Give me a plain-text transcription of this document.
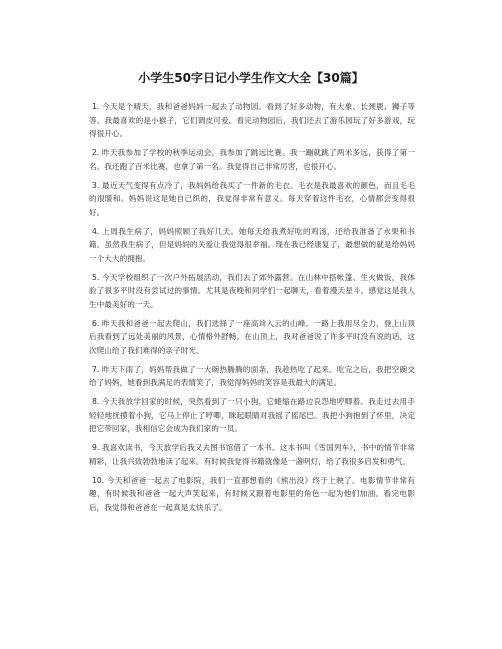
小学生50字日记小学生作文大全【30篇】

1. 今天是个晴天，我和爸爸妈妈一起去了动物园。看到了好多动物，有大象、长颈鹿、狮子等等。我最喜欢的是小猴子，它们调皮可爱。看完动物园后，我们还去了游乐园玩了好多游戏，玩得很开心。

2. 昨天我参加了学校的秋季运动会，我参加了跳远比赛。我一蹦就跳了两米多远，获得了第一名。我还跑了百米比赛，也拿了第一名。我觉得自己非常厉害，也很开心。

3. 最近天气变得有点冷了，我妈妈给我买了一件新的毛衣。毛衣是我最喜欢的颜色，而且毛毛的很暖和。妈妈说这是她自己织的，我觉得非常有意义。每天穿着这件毛衣，心情都会变得很好。

4. 上周我生病了，妈妈照顾了我好几天。她每天给我煮好吃的鸡汤，还给我准备了水果和书籍。虽然我生病了，但是妈妈的关爱让我觉得很幸福。现在我已经康复了，最想做的就是给妈妈一个大大的拥抱。

5. 今天学校组织了一次户外拓展活动，我们去了郊外露营。在山林中搭帐篷、生火做饭，我体验了很多平时没有尝试过的事情。尤其是夜晚和同学们一起聊天，看着漫天星斗，感觉这是我人生中最美好的一天。

6. 昨天我和爸爸一起去爬山，我们选择了一座高耸入云的山峰。一路上我用尽全力，登上山顶后我看到了远处美丽的风景，心情格外舒畅。在山顶上，我对爸爸说了许多平时没有说的话，这次爬山给了我们难得的亲子时光。

7. 昨天下雨了，妈妈帮我做了一大碗热腾腾的面条，我趁热吃了起来。吃完之后，我把空碗交给了妈妈，她看到我满足的表情笑了，我觉得妈妈的笑容是我最大的满足。

8. 今天我放学回家的时候，突然看到了一只小狗，它蜷缩在路边哀怨地哼唧着。我走过去用手轻轻地抚摸着小狗，它马上停止了哼唧，眯起眼睛对我摇了摇尾巴。我把小狗抱到了怀里，决定把它带回家，我相信它会成为我们家的一员。

9. 我喜欢读书，今天放学后我又去图书馆借了一本书。这本书叫《雪国列车》，书中的情节非常精彩，让我兴致勃勃地读了起来。有时候我觉得书籍就像是一盏明灯，给了我很多启发和勇气。

10. 今天和爸爸一起去了电影院，我们一直都想看的《熊出没》终于上映了。电影情节非常有趣，有时候我和爸爸一起大声笑起来，有时候又跟着电影里的角色一起为他们加油。看完电影后，我觉得和爸爸在一起真是太快乐了。
